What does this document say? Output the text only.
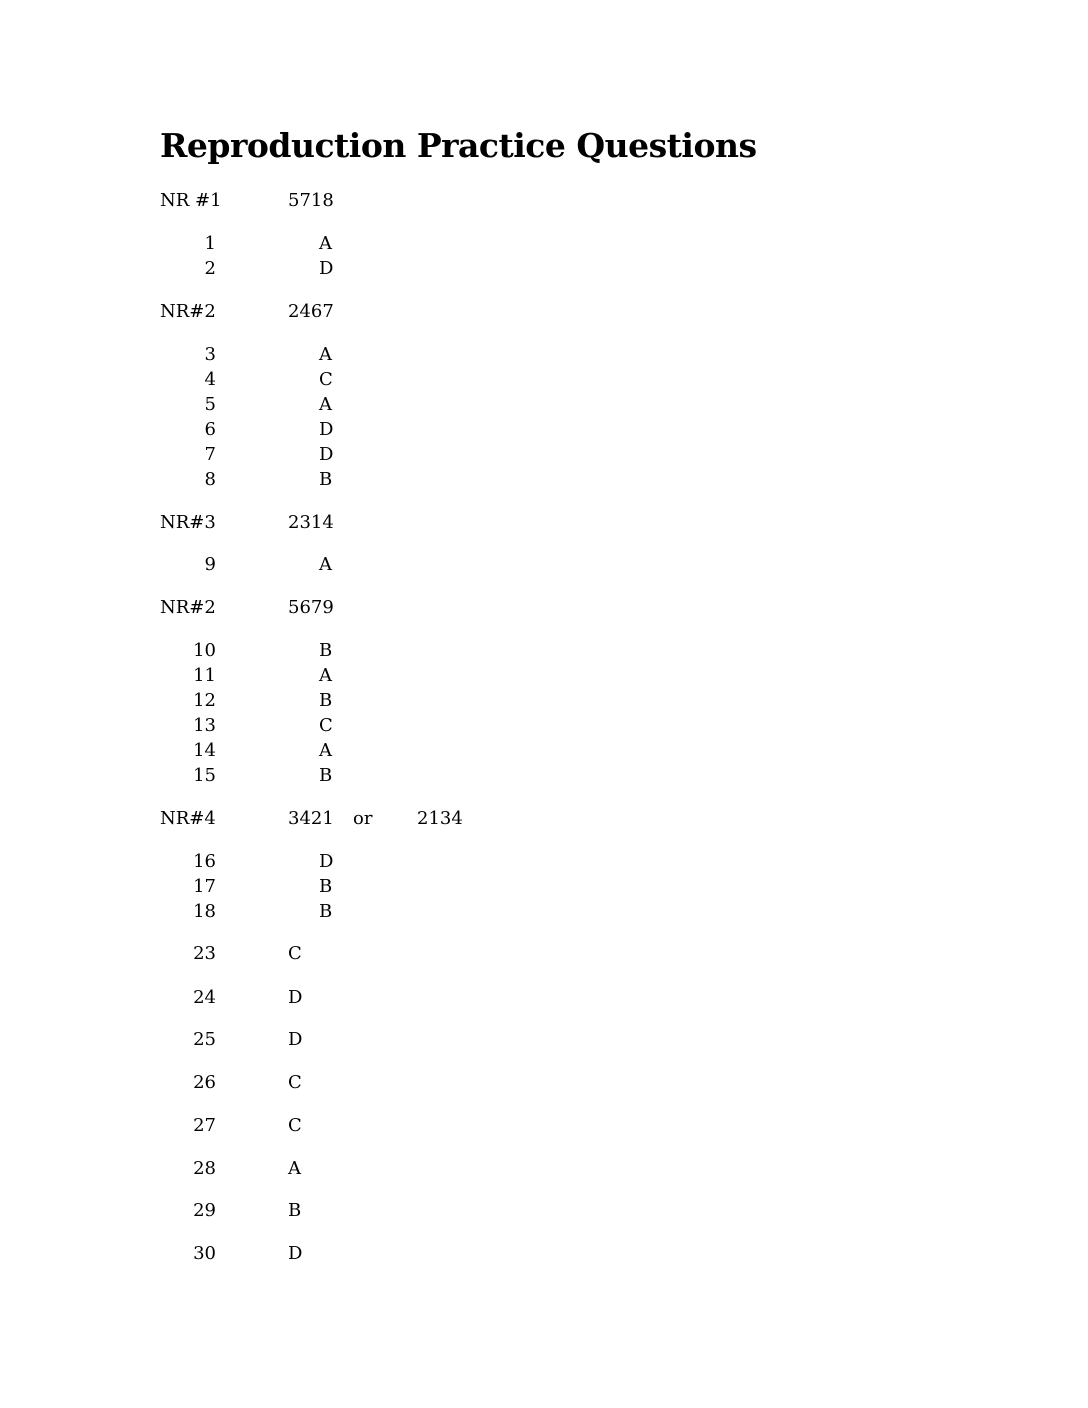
Reproduction Practice Questions
NR #1	5718
1	A
2	D
NR#2	2467
3	A
4	C
5	A
6	D
7	D
8	B
NR#3	2314
9	A
NR#2	5679
10	B
11	A
12	B
13	C
14	A
15	B
NR#4	3421 or 2134
16	D
17	B
18	B
23	C
24	D
25	D
26	C
27	C
28	A
29	B
30	D
